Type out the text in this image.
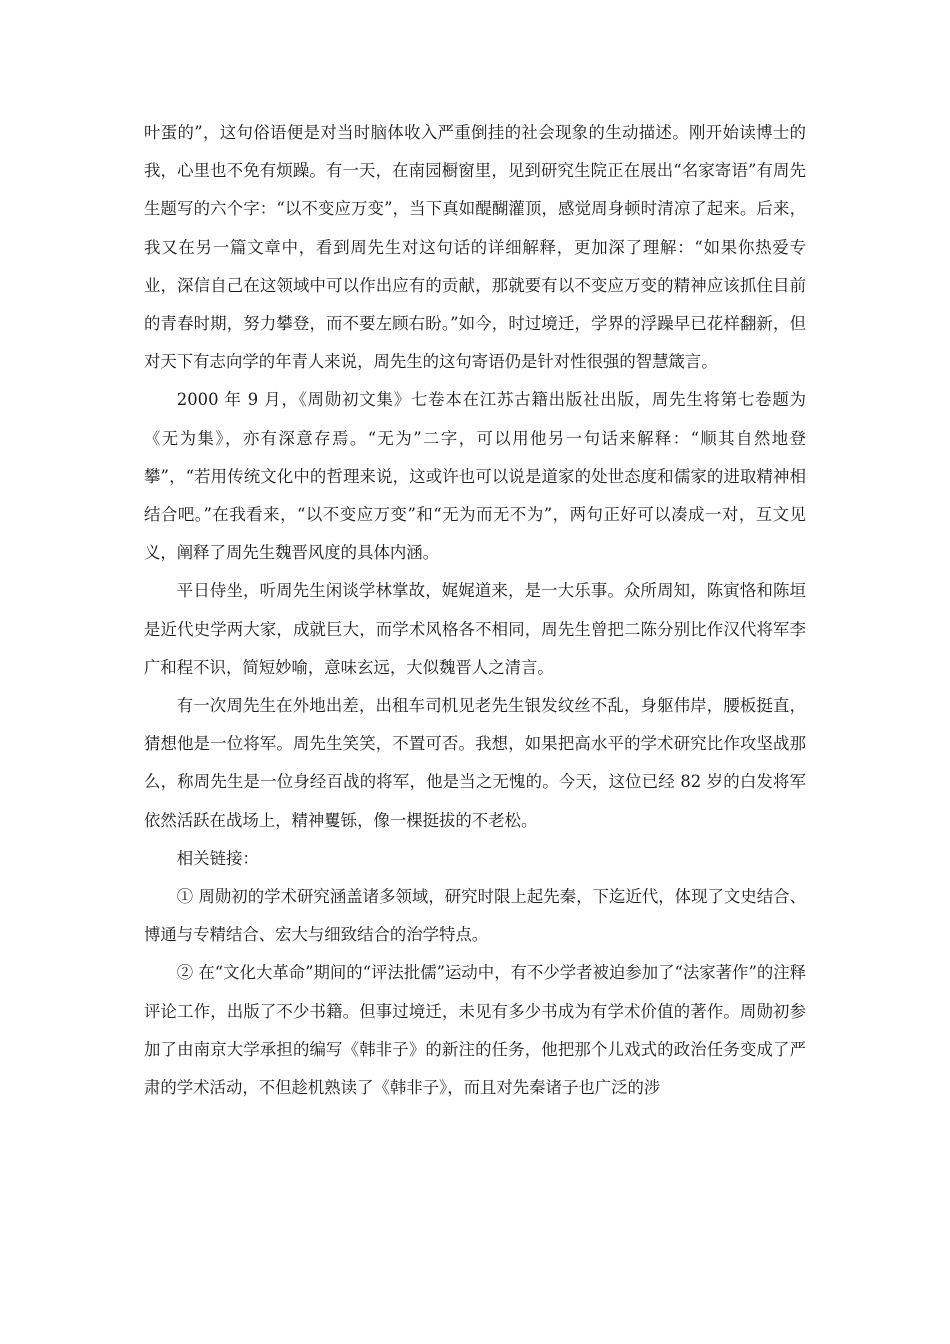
叶蛋的”，这句俗语便是对当时脑体收入严重倒挂的社会现象的生动描述。刚开始读博士的我，心里也不免有烦躁。有一天，在南园橱窗里，见到研究生院正在展出“名家寄语”有周先生题写的六个字：“以不变应万变”，当下真如醍醐灌顶，感觉周身顿时清凉了起来。后来，我又在另一篇文章中，看到周先生对这句话的详细解释，更加深了理解：“如果你热爱专业，深信自己在这领域中可以作出应有的贡献，那就要有以不变应万变的精神应该抓住目前的青春时期，努力攀登，而不要左顾右盼。”如今，时过境迁，学界的浮躁早已花样翻新，但对天下有志向学的年青人来说，周先生的这句寄语仍是针对性很强的智慧箴言。

2000 年 9 月，《周勋初文集》七卷本在江苏古籍出版社出版，周先生将第七卷题为《无为集》，亦有深意存焉。“无为”二字，可以用他另一句话来解释：“顺其自然地登攀”，“若用传统文化中的哲理来说，这或许也可以说是道家的处世态度和儒家的进取精神相结合吧。”在我看来，“以不变应万变”和“无为而无不为”，两句正好可以凑成一对，互文见义，阐释了周先生魏晋风度的具体内涵。

平日侍坐，听周先生闲谈学林掌故，娓娓道来，是一大乐事。众所周知，陈寅恪和陈垣是近代史学两大家，成就巨大，而学术风格各不相同，周先生曾把二陈分别比作汉代将军李广和程不识，简短妙喻，意味玄远，大似魏晋人之清言。

有一次周先生在外地出差，出租车司机见老先生银发纹丝不乱，身躯伟岸，腰板挺直，猜想他是一位将军。周先生笑笑，不置可否。我想，如果把高水平的学术研究比作攻坚战那么，称周先生是一位身经百战的将军，他是当之无愧的。今天，这位已经 82 岁的白发将军依然活跃在战场上，精神矍铄，像一棵挺拔的不老松。

相关链接：

① 周勋初的学术研究涵盖诸多领域，研究时限上起先秦，下迄近代，体现了文史结合、博通与专精结合、宏大与细致结合的治学特点。

② 在“文化大革命”期间的“评法批儒”运动中，有不少学者被迫参加了“法家著作”的注释评论工作，出版了不少书籍。但事过境迁，未见有多少书成为有学术价值的著作。周勋初参加了由南京大学承担的编写《韩非子》的新注的任务，他把那个儿戏式的政治任务变成了严肃的学术活动，不但趁机熟读了《韩非子》，而且对先秦诸子也广泛的涉
